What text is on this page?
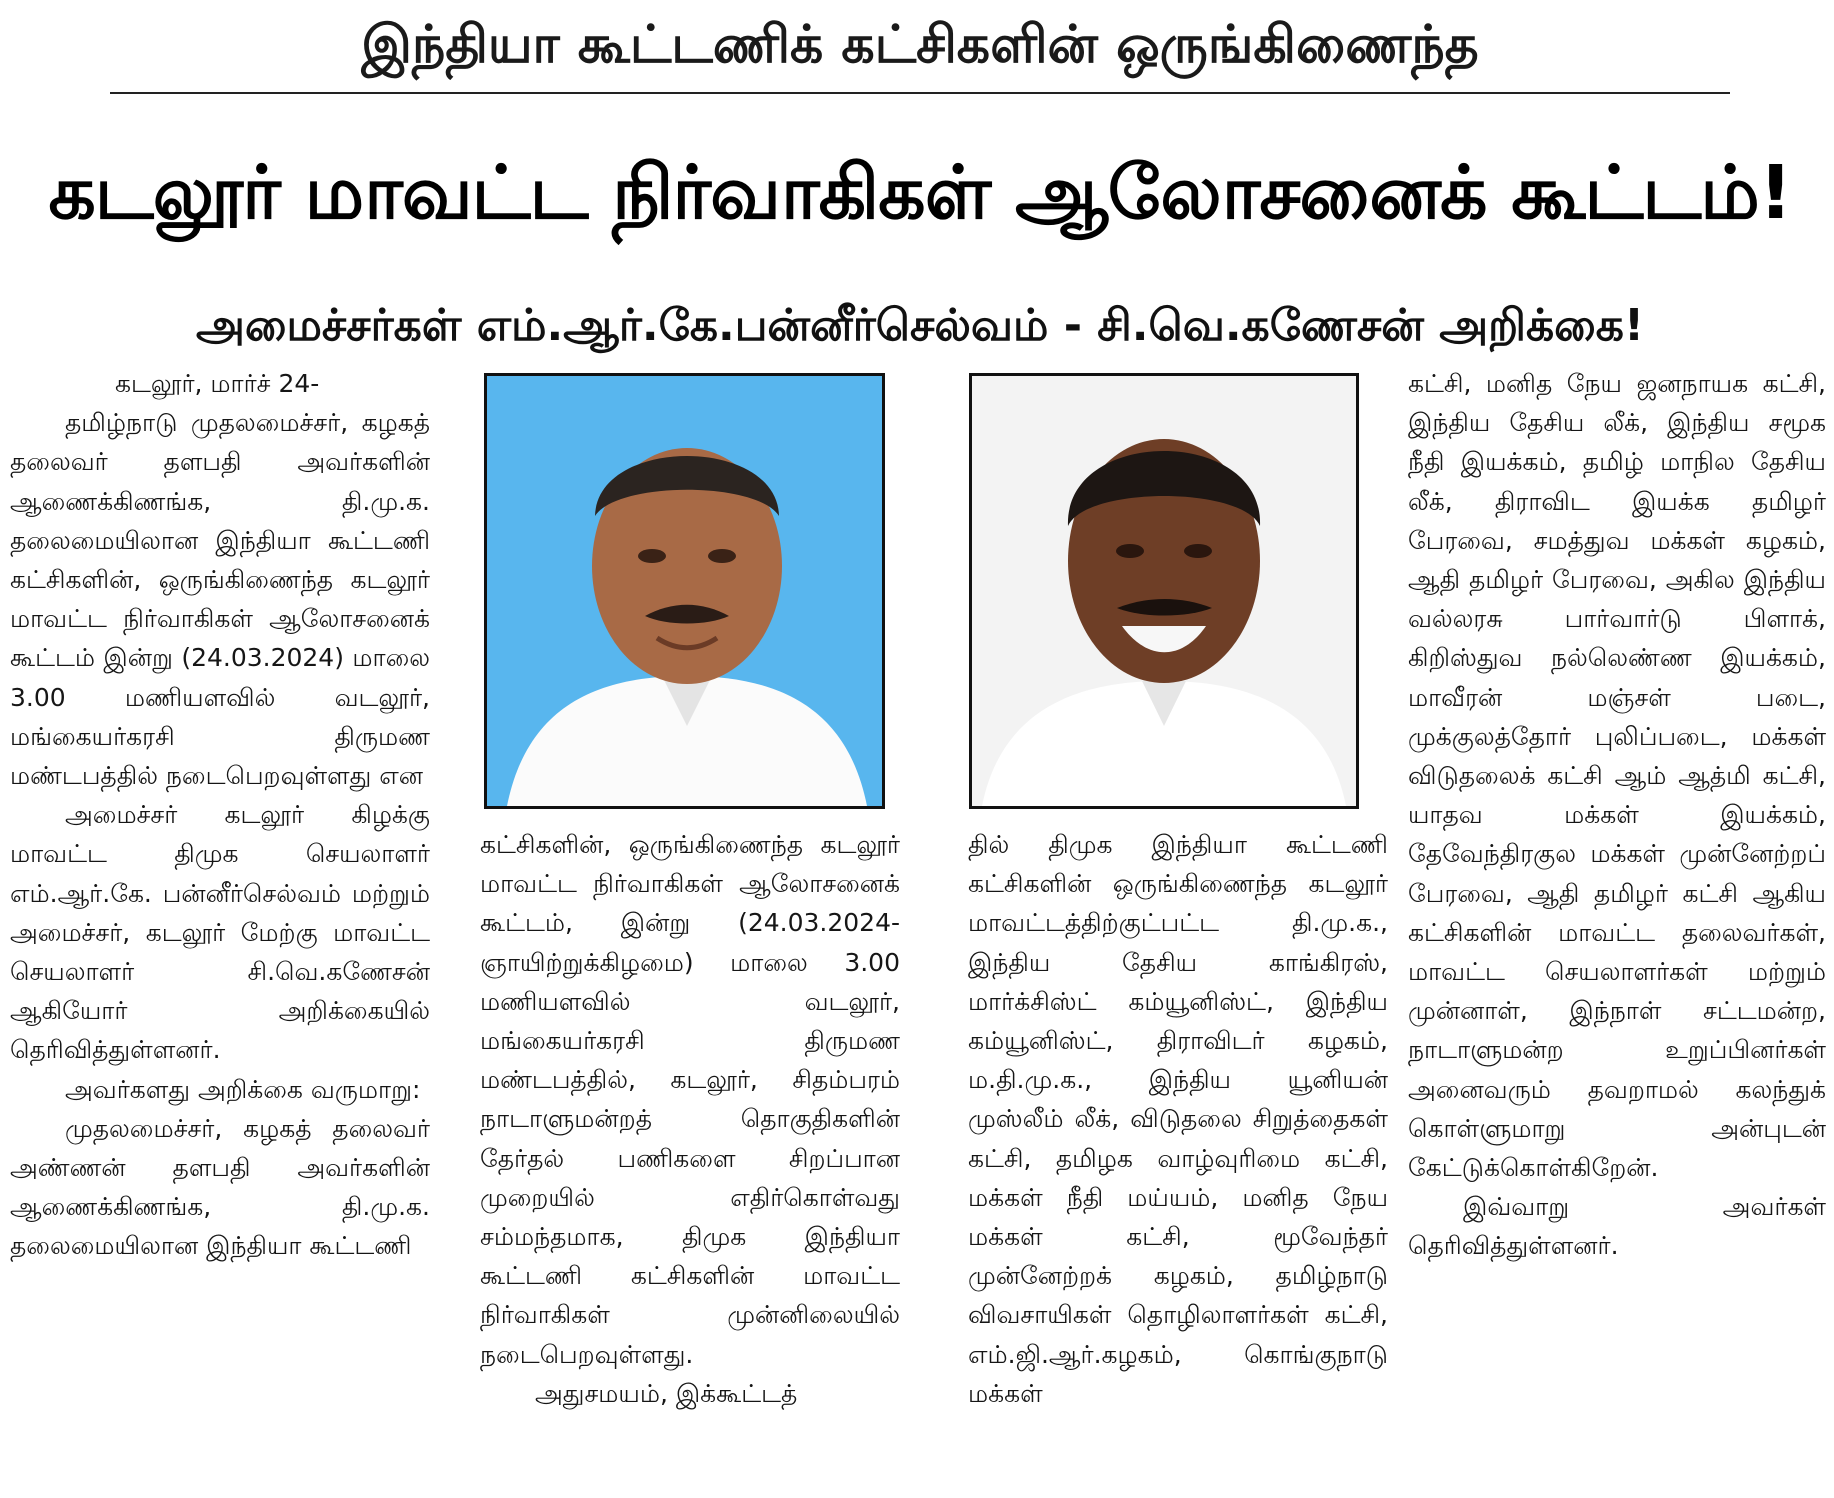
இந்தியா கூட்டணிக் கட்சிகளின் ஒருங்கிணைந்த
கடலூர் மாவட்ட நிர்வாகிகள் ஆலோசனைக் கூட்டம்!
அமைச்சர்கள் எம்.ஆர்.கே.பன்னீர்செல்வம் - சி.வெ.கணேசன் அறிக்கை!

கடலூர், மார்ச் 24-

தமிழ்நாடு முதலமைச்சர், கழகத் தலைவர் தளபதி அவர்களின் ஆணைக்கிணங்க, தி.மு.க. தலைமையிலான இந்தியா கூட்டணி கட்சிகளின், ஒருங்கிணைந்த கடலூர் மாவட்ட நிர்வாகிகள் ஆலோசனைக் கூட்டம் இன்று (24.03.2024) மாலை 3.00 மணியளவில் வடலூர், மங்கையர்கரசி திருமண மண்டபத்தில் நடைபெறவுள்ளது என

அமைச்சர் கடலூர் கிழக்கு மாவட்ட திமுக செயலாளர் எம்.ஆர்.கே. பன்னீர்செல்வம் மற்றும் அமைச்சர், கடலூர் மேற்கு மாவட்ட செயலாளர் சி.வெ.கணேசன் ஆகியோர் அறிக்கையில் தெரிவித்துள்ளனர்.

அவர்களது அறிக்கை வருமாறு:

முதலமைச்சர், கழகத் தலைவர் அண்ணன் தளபதி அவர்களின் ஆணைக்கிணங்க, தி.மு.க. தலைமையிலான இந்தியா கூட்டணி

கட்சிகளின், ஒருங்கிணைந்த கடலூர் மாவட்ட நிர்வாகிகள் ஆலோசனைக் கூட்டம், இன்று (24.03.2024-ஞாயிற்றுக்கிழமை) மாலை 3.00 மணியளவில் வடலூர், மங்கையர்கரசி திருமண மண்டபத்தில், கடலூர், சிதம்பரம் நாடாளுமன்றத் தொகுதிகளின் தேர்தல் பணிகளை சிறப்பான முறையில் எதிர்கொள்வது சம்மந்தமாக, திமுக இந்தியா கூட்டணி கட்சிகளின் மாவட்ட நிர்வாகிகள் முன்னிலையில் நடைபெறவுள்ளது.

அதுசமயம், இக்கூட்டத்

தில் திமுக இந்தியா கூட்டணி கட்சிகளின் ஒருங்கிணைந்த கடலூர் மாவட்டத்திற்குட்பட்ட தி.மு.க., இந்திய தேசிய காங்கிரஸ், மார்க்சிஸ்ட் கம்யூனிஸ்ட், இந்திய கம்யூனிஸ்ட், திராவிடர் கழகம், ம.தி.மு.க., இந்திய யூனியன் முஸ்லீம் லீக், விடுதலை சிறுத்தைகள் கட்சி, தமிழக வாழ்வுரிமை கட்சி, மக்கள் நீதி மய்யம், மனித நேய மக்கள் கட்சி, மூவேந்தர் முன்னேற்றக் கழகம், தமிழ்நாடு விவசாயிகள் தொழிலாளர்கள் கட்சி, எம்.ஜி.ஆர்.கழகம், கொங்குநாடு மக்கள்

கட்சி, மனித நேய ஜனநாயக கட்சி, இந்திய தேசிய லீக், இந்திய சமூக நீதி இயக்கம், தமிழ் மாநில தேசிய லீக், திராவிட இயக்க தமிழர் பேரவை, சமத்துவ மக்கள் கழகம், ஆதி தமிழர் பேரவை, அகில இந்திய வல்லரசு பார்வார்டு பிளாக், கிறிஸ்துவ நல்லெண்ண இயக்கம், மாவீரன் மஞ்சள் படை, முக்குலத்தோர் புலிப்படை, மக்கள் விடுதலைக் கட்சி ஆம் ஆத்மி கட்சி, யாதவ மக்கள் இயக்கம், தேவேந்திரகுல மக்கள் முன்னேற்றப் பேரவை, ஆதி தமிழர் கட்சி ஆகிய கட்சிகளின் மாவட்ட தலைவர்கள், மாவட்ட செயலாளர்கள் மற்றும் முன்னாள், இந்நாள் சட்டமன்ற, நாடாளுமன்ற உறுப்பினர்கள் அனைவரும் தவறாமல் கலந்துக் கொள்ளுமாறு அன்புடன் கேட்டுக்கொள்கிறேன்.

இவ்வாறு அவர்கள் தெரிவித்துள்ளனர்.
